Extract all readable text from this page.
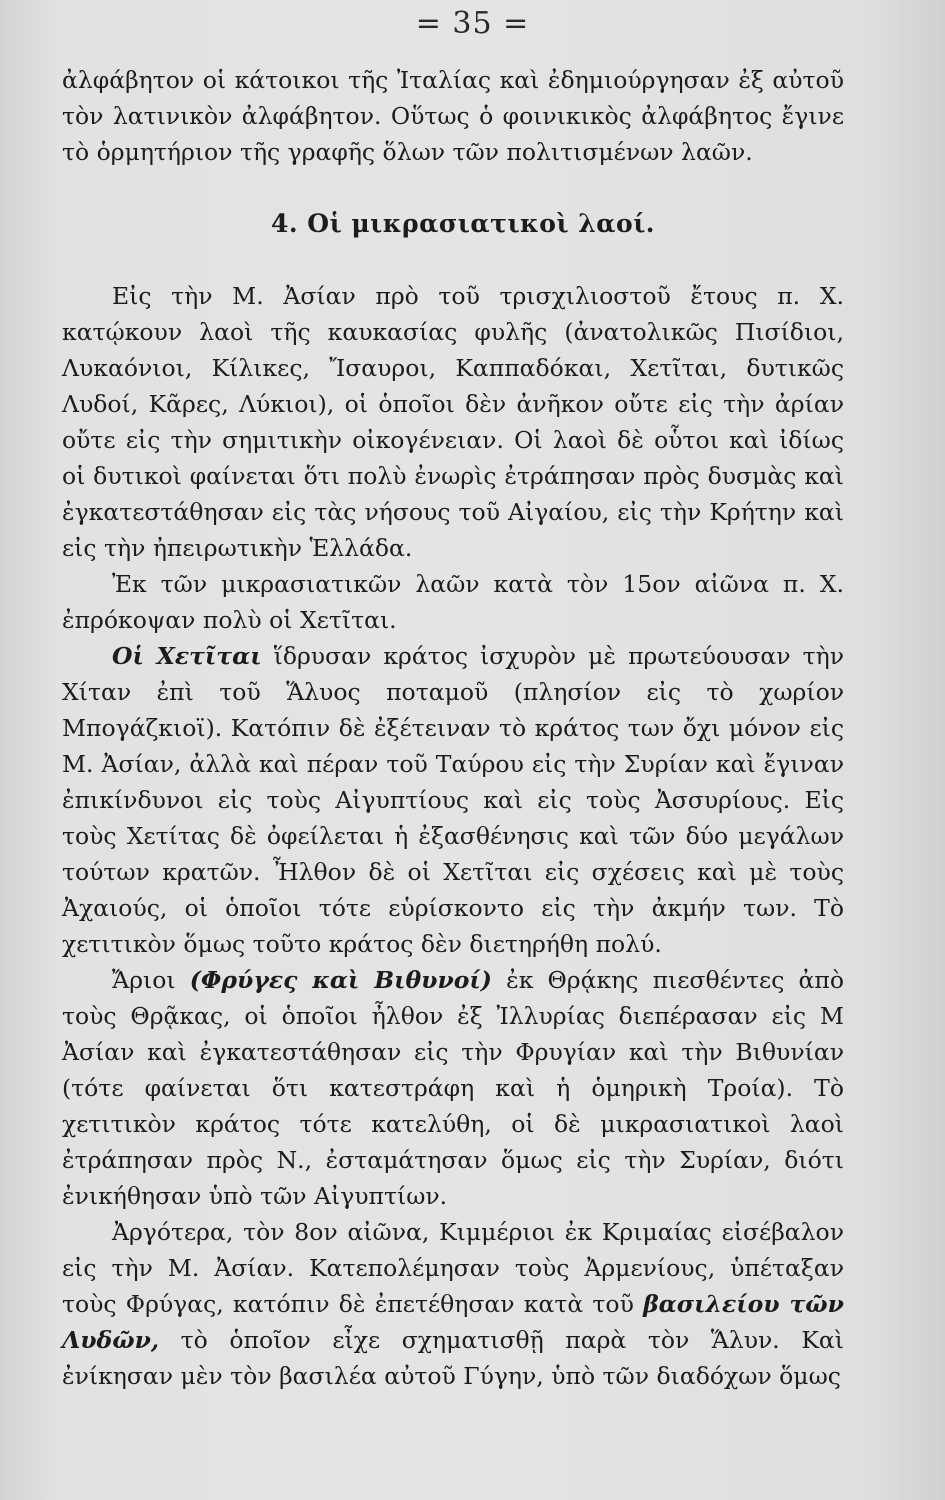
= 35 =

ἀλφάβητον οἱ κάτοικοι τῆς Ἰταλίας καὶ ἐδημιούργησαν ἐξ αὐτοῦ τὸν λατινικὸν ἀλφάβητον. Οὕτως ὁ φοινικικὸς ἀλφάβητος ἔγινε τὸ ὁρμητήριον τῆς γραφῆς ὅλων τῶν πολιτισμένων λαῶν.

4. Οἱ μικρασιατικοὶ λαοί.

Εἰς τὴν Μ. Ἀσίαν πρὸ τοῦ τρισχιλιοστοῦ ἔτους π. Χ. κατῴκουν λαοὶ τῆς καυκασίας φυλῆς (ἀνατολικῶς Πισίδιοι, Λυκαόνιοι, Κίλικες, Ἴσαυροι, Καππαδόκαι, Χετῖται, δυτικῶς Λυδοί, Κᾶρες, Λύκιοι), οἱ ὁποῖοι δὲν ἀνῆκον οὔτε εἰς τὴν ἀρίαν οὔτε εἰς τὴν σημιτικὴν οἰκογένειαν. Οἱ λαοὶ δὲ οὗτοι καὶ ἰδίως οἱ δυτικοὶ φαίνεται ὅτι πολὺ ἐνωρὶς ἐτράπησαν πρὸς δυσμὰς καὶ ἐγκατεστάθησαν εἰς τὰς νήσους τοῦ Αἰγαίου, εἰς τὴν Κρήτην καὶ εἰς τὴν ἠπειρωτικὴν Ἑλλάδα.

Ἐκ τῶν μικρασιατικῶν λαῶν κατὰ τὸν 15ον αἰῶνα π. Χ. ἐπρόκοψαν πολὺ οἱ Χετῖται.

Οἱ Χετῖται ἵδρυσαν κράτος ἰσχυρὸν μὲ πρωτεύουσαν τὴν Χίταν ἐπὶ τοῦ Ἅλυος ποταμοῦ (πλησίον εἰς τὸ χωρίον Μπογάζκιοϊ). Κατόπιν δὲ ἐξέτειναν τὸ κράτος των ὄχι μόνον εἰς Μ. Ἀσίαν, ἀλλὰ καὶ πέραν τοῦ Ταύρου εἰς τὴν Συρίαν καὶ ἔγιναν ἐπικίνδυνοι εἰς τοὺς Αἰγυπτίους καὶ εἰς τοὺς Ἀσσυρίους. Εἰς τοὺς Χετίτας δὲ ὀφείλεται ἡ ἐξασθένησις καὶ τῶν δύο μεγάλων τούτων κρατῶν. Ἦλθον δὲ οἱ Χετῖται εἰς σχέσεις καὶ μὲ τοὺς Ἀχαιούς, οἱ ὁποῖοι τότε εὑρίσκοντο εἰς τὴν ἀκμήν των. Τὸ χετιτικὸν ὅμως τοῦτο κράτος δὲν διετηρήθη πολύ.

Ἄριοι (Φρύγες καὶ Βιθυνοί) ἐκ Θρᾴκης πιεσθέντες ἀπὸ τοὺς Θρᾷκας, οἱ ὁποῖοι ἦλθον ἐξ Ἰλλυρίας διεπέρασαν εἰς Μ Ἀσίαν καὶ ἐγκατεστάθησαν εἰς τὴν Φρυγίαν καὶ τὴν Βιθυνίαν (τότε φαίνεται ὅτι κατεστράφη καὶ ἡ ὁμηρικὴ Τροία). Τὸ χετιτικὸν κράτος τότε κατελύθη, οἱ δὲ μικρασιατικοὶ λαοὶ ἐτράπησαν πρὸς Ν., ἐσταμάτησαν ὅμως εἰς τὴν Συρίαν, διότι ἐνικήθησαν ὑπὸ τῶν Αἰγυπτίων.

Ἀργότερα, τὸν 8ον αἰῶνα, Κιμμέριοι ἐκ Κριμαίας εἰσέβαλον εἰς τὴν Μ. Ἀσίαν. Κατεπολέμησαν τοὺς Ἀρμενίους, ὑπέταξαν τοὺς Φρύγας, κατόπιν δὲ ἐπετέθησαν κατὰ τοῦ βασιλείου τῶν Λυδῶν, τὸ ὁποῖον εἶχε σχηματισθῇ παρὰ τὸν Ἅλυν. Καὶ ἐνίκησαν μὲν τὸν βασιλέα αὐτοῦ Γύγην, ὑπὸ τῶν διαδόχων ὅμως
